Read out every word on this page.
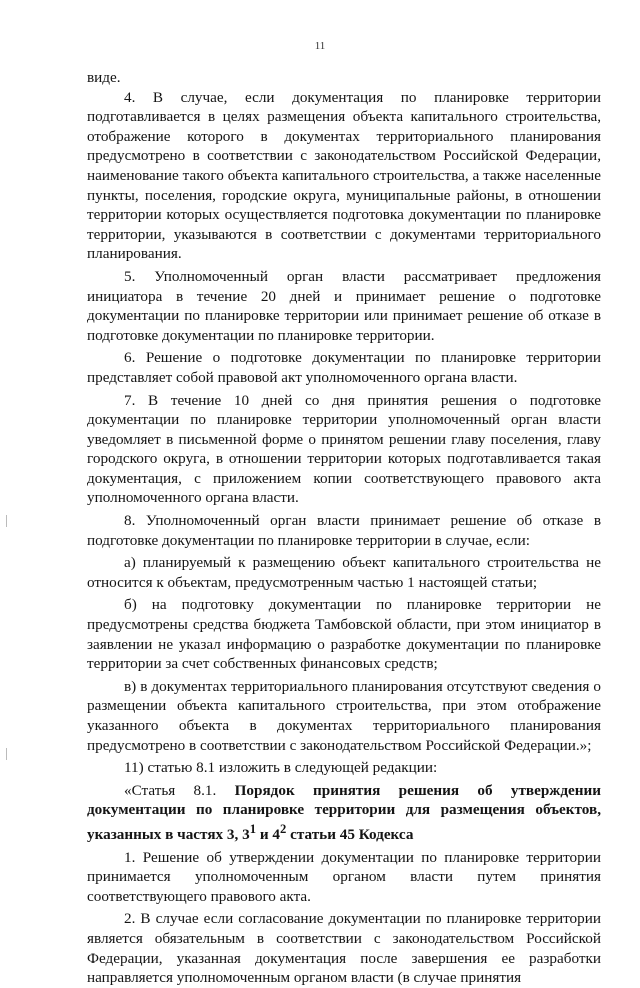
11

виде.

4. В случае, если документация по планировке территории подготавливается в целях размещения объекта капитального строительства, отображение которого в документах территориального планирования предусмотрено в соответствии с законодательством Российской Федерации, наименование такого объекта капитального строительства, а также населенные пункты, поселения, городские округа, муниципальные районы, в отношении территории которых осуществляется подготовка документации по планировке территории, указываются в соответствии с документами территориального планирования.

5. Уполномоченный орган власти рассматривает предложения инициатора в течение 20 дней и принимает решение о подготовке документации по планировке территории или принимает решение об отказе в подготовке документации по планировке территории.

6. Решение о подготовке документации по планировке территории представляет собой правовой акт уполномоченного органа власти.

7. В течение 10 дней со дня принятия решения о подготовке документации по планировке территории уполномоченный орган власти уведомляет в письменной форме о принятом решении главу поселения, главу городского округа, в отношении территории которых подготавливается такая документация, с приложением копии соответствующего правового акта уполномоченного органа власти.

8. Уполномоченный орган власти принимает решение об отказе в подготовке документации по планировке территории в случае, если:

а) планируемый к размещению объект капитального строительства не относится к объектам, предусмотренным частью 1 настоящей статьи;

б) на подготовку документации по планировке территории не предусмотрены средства бюджета Тамбовской области, при этом инициатор в заявлении не указал информацию о разработке документации по планировке территории за счет собственных финансовых средств;

в) в документах территориального планирования отсутствуют сведения о размещении объекта капитального строительства, при этом отображение указанного объекта в документах территориального планирования предусмотрено в соответствии с законодательством Российской Федерации.»;

11) статью 8.1 изложить в следующей редакции:

«Статья 8.1. Порядок принятия решения об утверждении документации по планировке территории для размещения объектов, указанных в частях 3, $3^1$ и $4^2$ статьи 45 Кодекса

1. Решение об утверждении документации по планировке территории принимается уполномоченным органом власти путем принятия соответствующего правового акта.

2. В случае если согласование документации по планировке территории является обязательным в соответствии с законодательством Российской Федерации, указанная документация после завершения ее разработки направляется уполномоченным органом власти (в случае принятия
